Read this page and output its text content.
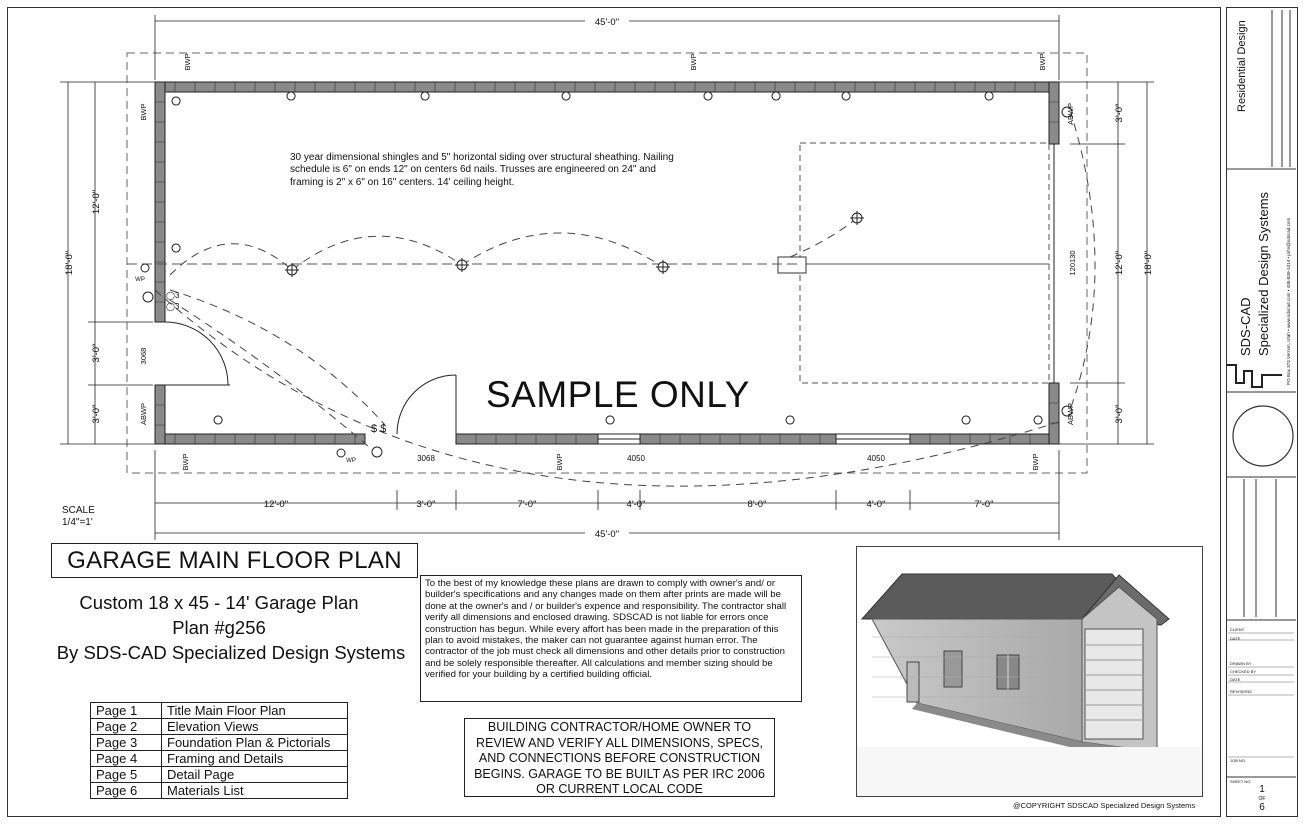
$ $
◯3
◯3
45'-0"
45'-0"
12'-0"	3'-0"	7'-0"	4'-0"	8'-0"	4'-0"	7'-0"
18'-0"
12'-0"
3'-0"
3'-0"
18'-0"
3'-0"
12'-0"
3'-0"
BWP	BWP	BWP
BWP
ABWP
ABWP
ABWP
BWP	BWP	BWP
3068
120130
3068	4050	4050
WP
WP
30 year dimensional shingles and 5" horizontal siding over structural sheathing. Nailing schedule is 6" on ends 12" on centers 6d nails. Trusses are engineered on 24" and framing is 2" x 6" on 16" centers. 14' ceiling height.
SAMPLE ONLY
SCALE
1/4"=1'
GARAGE MAIN FLOOR PLAN
Custom 18 x 45 - 14' Garage Plan
Plan #g256
By SDS-CAD Specialized Design Systems
Page 1	Title Main Floor Plan
Page 2	Elevation Views
Page 3	Foundation Plan & Pictorials
Page 4	Framing and Details
Page 5	Detail Page
Page 6	Materials List
To the best of my knowledge these plans are drawn to comply with owner's and/ or builder's specifications and any changes made on them after prints are made will be done at the owner's and / or builder's expence and responsibility. The contractor shall verify all dimensions and enclosed drawing. SDSCAD is not liable for errors once construction has begun. While every affort has been made in the preparation of this plan to avoid mistakes, the maker can not guarantee against human error. The contractor of the job must check all dimensions and other details prior to construction and be solely responsible thereafter. All calculations and member sizing should be verified for your building by a certified building official.
BUILDING CONTRACTOR/HOME OWNER TO REVIEW AND VERIFY ALL DIMENSIONS, SPECS, AND CONNECTIONS BEFORE CONSTRUCTION BEGINS. GARAGE TO BE BUILT AS PER IRC 2006 OR CURRENT LOCAL CODE
@COPYRIGHT SDSCAD Specialized Design Systems
Residential Design
SDS-CAD Specialized Design Systems	PO Box 374 Vernon, Utah • www.sdscad.com • 435-839-1014 • john@sdscad.com
CLIENT
DATE
DRAWN BY
CHECKED BY
DATE
REVISIONS
JOB NO.
SHEET NO.
1
OF
6
